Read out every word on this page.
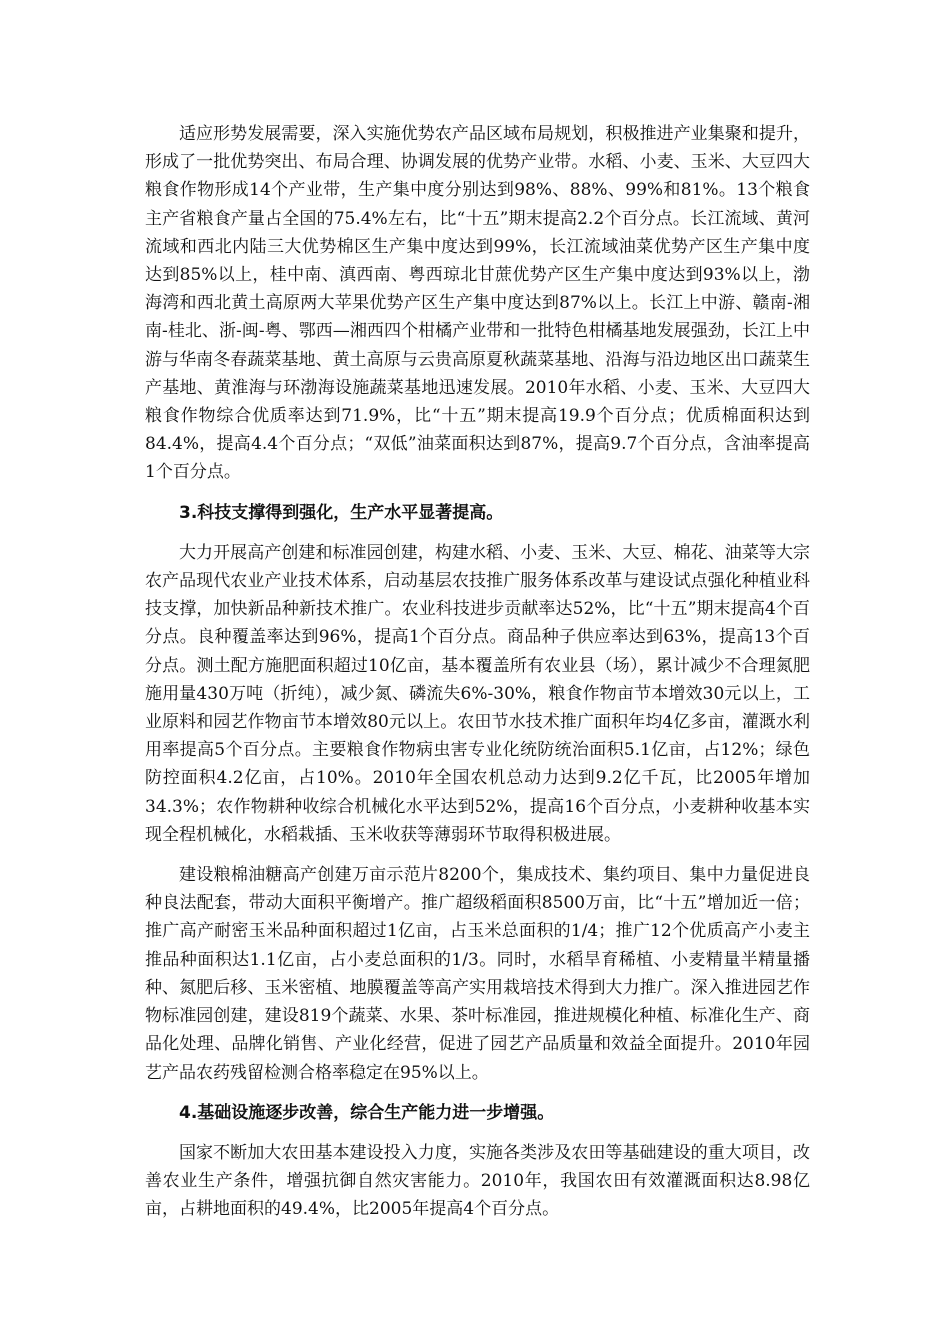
适应形势发展需要，深入实施优势农产品区域布局规划，积极推进产业集聚和提升，形成了一批优势突出、布局合理、协调发展的优势产业带。水稻、小麦、玉米、大豆四大粮食作物形成14个产业带，生产集中度分别达到98%、88%、99%和81%。13个粮食主产省粮食产量占全国的75.4%左右，比“十五”期末提高2.2个百分点。长江流域、黄河流域和西北内陆三大优势棉区生产集中度达到99%，长江流域油菜优势产区生产集中度达到85%以上，桂中南、滇西南、粤西琼北甘蔗优势产区生产集中度达到93%以上，渤海湾和西北黄土高原两大苹果优势产区生产集中度达到87%以上。长江上中游、赣南-湘南-桂北、浙-闽-粤、鄂西—湘西四个柑橘产业带和一批特色柑橘基地发展强劲，长江上中游与华南冬春蔬菜基地、黄土高原与云贵高原夏秋蔬菜基地、沿海与沿边地区出口蔬菜生产基地、黄淮海与环渤海设施蔬菜基地迅速发展。2010年水稻、小麦、玉米、大豆四大粮食作物综合优质率达到71.9%，比“十五”期末提高19.9个百分点；优质棉面积达到84.4%，提高4.4个百分点；“双低”油菜面积达到87%，提高9.7个百分点，含油率提高1个百分点。

3.科技支撑得到强化，生产水平显著提高。

大力开展高产创建和标准园创建，构建水稻、小麦、玉米、大豆、棉花、油菜等大宗农产品现代农业产业技术体系，启动基层农技推广服务体系改革与建设试点强化种植业科技支撑，加快新品种新技术推广。农业科技进步贡献率达52%，比“十五”期末提高4个百分点。良种覆盖率达到96%，提高1个百分点。商品种子供应率达到63%，提高13个百分点。测土配方施肥面积超过10亿亩，基本覆盖所有农业县（场），累计减少不合理氮肥施用量430万吨（折纯），减少氮、磷流失6%-30%，粮食作物亩节本增效30元以上，工业原料和园艺作物亩节本增效80元以上。农田节水技术推广面积年均4亿多亩，灌溉水利用率提高5个百分点。主要粮食作物病虫害专业化统防统治面积5.1亿亩，占12%；绿色防控面积4.2亿亩，占10%。2010年全国农机总动力达到9.2亿千瓦，比2005年增加34.3%；农作物耕种收综合机械化水平达到52%，提高16个百分点，小麦耕种收基本实现全程机械化，水稻栽插、玉米收获等薄弱环节取得积极进展。

建设粮棉油糖高产创建万亩示范片8200个，集成技术、集约项目、集中力量促进良种良法配套，带动大面积平衡增产。推广超级稻面积8500万亩，比“十五”增加近一倍；推广高产耐密玉米品种面积超过1亿亩，占玉米总面积的1/4；推广12个优质高产小麦主推品种面积达1.1亿亩，占小麦总面积的1/3。同时，水稻旱育稀植、小麦精量半精量播种、氮肥后移、玉米密植、地膜覆盖等高产实用栽培技术得到大力推广。深入推进园艺作物标准园创建，建设819个蔬菜、水果、茶叶标准园，推进规模化种植、标准化生产、商品化处理、品牌化销售、产业化经营，促进了园艺产品质量和效益全面提升。2010年园艺产品农药残留检测合格率稳定在95%以上。

4.基础设施逐步改善，综合生产能力进一步增强。

国家不断加大农田基本建设投入力度，实施各类涉及农田等基础建设的重大项目，改善农业生产条件，增强抗御自然灾害能力。2010年，我国农田有效灌溉面积达8.98亿亩，占耕地面积的49.4%，比2005年提高4个百分点。
